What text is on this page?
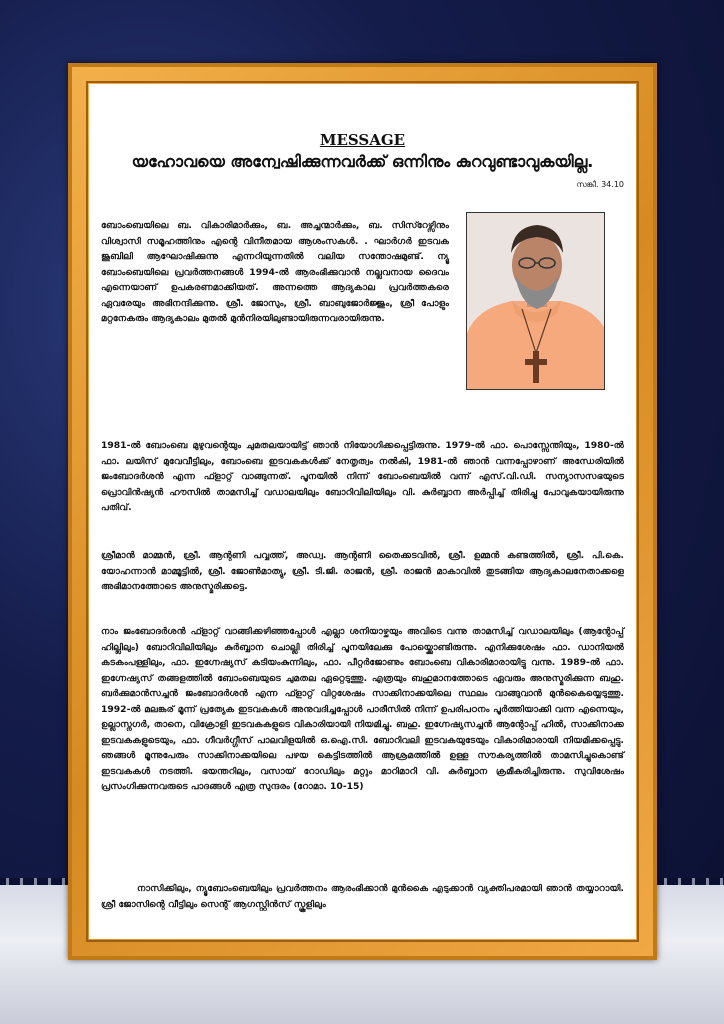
MESSAGE
യഹോവയെ അന്വേഷിക്കുന്നവർക്ക് ഒന്നിനും കുറവുണ്ടാവുകയില്ല.
സങ്കീ. 34.10
ബോംബെയിലെ ബ. വികാരിമാർക്കും, ബ. അച്ചന്മാർക്കും, ബ. സിസ്റേഴ്സിനും വിശ്വാസി സമൂഹത്തിനും എന്റെ വിനീതമായ ആശംസകൾ. . ഘാർഗർ ഇടവക ജൂബിലി ആഘോഷിക്കുന്നു എന്നറിയുന്നതിൽ വലിയ സന്തോഷമുണ്ട്. ന്യൂ ബോംബെയിലെ പ്രവർത്തനങ്ങൾ 1994-ൽ ആരംഭിക്കുവാൻ നല്ലവനായ ദൈവം എന്നെയാണ് ഉപകരണമാക്കിയത്. അന്നത്തെ ആദ്യകാല പ്രവർത്തകരെ ഏവരേയും അഭിനന്ദിക്കുന്നു. ശ്രീ. ജോസും, ശ്രീ. ബാബുജോർജ്ജും, ശ്രീ പോളും മറ്റനേകരും ആദ്യകാലം മുതൽ മുൻനിരയിലുണ്ടായിരുന്നവരായിരുന്നു.
1981-ൽ ബോംബെ മുഴുവന്റെയും ചുമതലയായിട്ട് ഞാൻ നിയോഗിക്കപ്പെട്ടിരുന്നു. 1979-ൽ ഫാ. പൊസ്സേന്തിയും, 1980-ൽ ഫാ. ലയിസ് മുവേവീട്ടിലും, ബോംബെ ഇടവകകൾക്ക് നേതൃത്വം നൽകി, 1981-ൽ ഞാൻ വന്നപ്പോഴാണ് അന്ധേരിയിൽ ജംബോദർശൻ എന്ന ഫ്ളാറ്റ് വാങ്ങുന്നത്. പൂനയിൽ നിന്ന് ബോംബെയിൽ വന്ന് എസ്.വി.ഡി. സന്യാസസഭയുടെ പ്രൊവിൻഷ്യൻ ഹൗസിൽ താമസിച്ച് വഡാലയിലും ബോറിവിലിയിലും വി. കുർബ്ബാന അർപ്പിച്ച് തിരിച്ചു പോവുകയായിരുന്നു പതിവ്.
ശ്രീമാൻ മാമ്മൻ, ശ്രീ. ആന്റണി പവ്വത്ത്, അഡ്വ. ആന്റണി തൈക്കടവിൽ, ശ്രീ. ഉമ്മൻ കണ്ടത്തിൽ, ശ്രീ. പി.കെ. യോഹന്നാൻ മാമ്മൂട്ടിൽ, ശ്രീ. ജോൺമാത്യു, ശ്രീ. ടി.ജി. രാജൻ, ശ്രീ. രാജൻ മാകാവിൽ തുടങ്ങിയ ആദ്യകാലനേതാക്കളെ അഭിമാനത്തോടെ അനുസ്മരിക്കട്ടെ.
നാം ജംബോദർശൻ ഫ്ളാറ്റ് വാങ്ങിക്കഴിഞ്ഞപ്പോൾ എല്ലാ ശനിയാഴ്ചയും അവിടെ വന്നു താമസിച്ച് വഡാലയിലും (ആന്റോപ്പ് ഹില്ലിലും) ബോറിവിലിയിലും കുർബ്ബാന ചൊല്ലി തിരിച്ച് പൂനയിലേക്കു പോയ്ക്കൊണ്ടിരുന്നു. എനിക്കുശേഷം ഫാ. ഡാനിയൽ കടകംപള്ളിലും, ഫാ. ഇഗ്നേഷ്യസ് കടിയംകുന്നിലും, ഫാ. പീറ്റർജോണും ബോംബെ വികാരിമാരായിട്ടു വന്നു. 1989-ൽ ഫാ. ഇഗ്നേഷ്യസ് തങ്ങളത്തിൽ ബോംബെയുടെ ചുമതല ഏറ്റെടുത്തു. എത്രയും ബഹുമാനത്തോടെ ഏവരും അനുസ്മരിക്കുന്ന ബഹു. ബർക്കുമാൻസച്ചൻ ജംബോദർശൻ എന്ന ഫ്ളാറ്റ് വിറ്റശേഷം സാക്കിനാക്കയിലെ സ്ഥലം വാങ്ങുവാൻ മുൻകൈയ്യെടുത്തു. 1992-ൽ മലങ്കര് മൂന്ന് പ്രത്യേക ഇടവകകൾ അനുവദിച്ചപ്പോൾ പാരീസിൽ നിന്ന് ഉപരിപഠനം പൂർത്തിയാക്കി വന്ന എന്നെയും, ഉല്ലാസ്നഗർ, താനെ, വിക്രോളി ഇടവകകളുടെ വികാരിയായി നിയമിച്ചു. ബഹു. ഇഗ്നേഷ്യസച്ചൻ ആന്റോപ്പ് ഹിൽ, സാക്കിനാക്ക ഇടവകകളുടെയും, ഫാ. ഗീവർഗ്ഗീസ് പാലവിളയിൽ ഒ.ഐ.സി. ബോറിവലി ഇടവകയുടേയും വികാരിമാരായി നിയമിക്കപ്പെട്ടു. ഞങ്ങൾ മൂന്നുപേരും സാക്കിനാക്കയിലെ പഴയ കെട്ടിടത്തിൽ ആശ്രമത്തിൽ ഉള്ള സൗകര്യത്തിൽ താമസിച്ചുകൊണ്ട് ഇടവകകൾ നടത്തി. ഭയന്തറിലും, വസായ് റോഡിലും മറ്റും മാറിമാറി വി. കുർബ്ബാന ക്രമീകരിച്ചിരുന്നു. സുവിശേഷം പ്രസംഗിക്കുന്നവരുടെ പാദങ്ങൾ എത്ര സുന്ദരം (റോമാ. 10-15)
നാസിക്കിലും, ന്യൂബോംബെയിലും പ്രവർത്തനം ആരംഭിക്കാൻ മുൻകൈ എടുക്കാൻ വ്യക്തിപരമായി ഞാൻ തയ്യാറായി. ശ്രീ ജോസിന്റെ വീട്ടിലും സെന്റ് ആഗസ്റ്റിൻസ് സ്കൂളിലും
